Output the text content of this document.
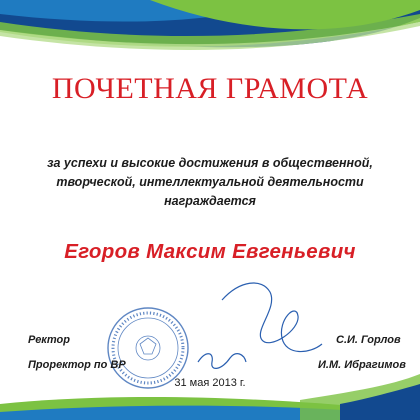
ПОЧЕТНАЯ ГРАМОТА
за успехи и высокие достижения в общественной,
творческой, интеллектуальной деятельности
награждается
Егоров Максим Евгеньевич
Ректор	С.И. Горлов
Проректор по ВР	И.М. Ибрагимов
31 мая 2013 г.
